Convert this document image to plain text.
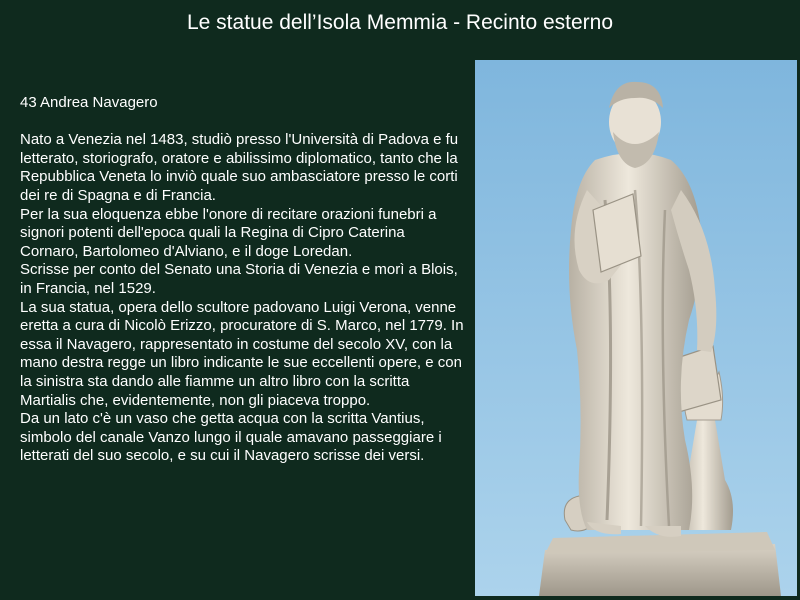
Le statue dell’Isola Memmia - Recinto esterno

43 Andrea Navagero

Nato a Venezia nel 1483, studiò presso l'Università di Padova e fu letterato, storiografo, oratore e abilissimo diplomatico, tanto che la Repubblica Veneta lo inviò quale suo ambasciatore presso le corti dei re di Spagna e di Francia.

Per la sua eloquenza ebbe l'onore di recitare orazioni funebri a signori potenti dell'epoca quali la Regina di Cipro Caterina Cornaro, Bartolomeo d'Alviano, e il doge Loredan.

Scrisse per conto del Senato una Storia di Venezia e morì a Blois, in Francia, nel 1529.

La sua statua, opera dello scultore padovano Luigi Verona, venne eretta a cura di Nicolò Erizzo, procuratore di S. Marco, nel 1779. In essa il Navagero, rappresentato in costume del secolo XV, con la mano destra regge un libro indicante le sue eccellenti opere, e con la sinistra sta dando alle fiamme un altro libro con la scritta Martialis che, evidentemente, non gli piaceva troppo.

Da un lato c'è un vaso che getta acqua con la scritta Vantius, simbolo del canale Vanzo lungo il quale amavano passeggiare i letterati del suo secolo, e su cui il Navagero scrisse dei versi.
